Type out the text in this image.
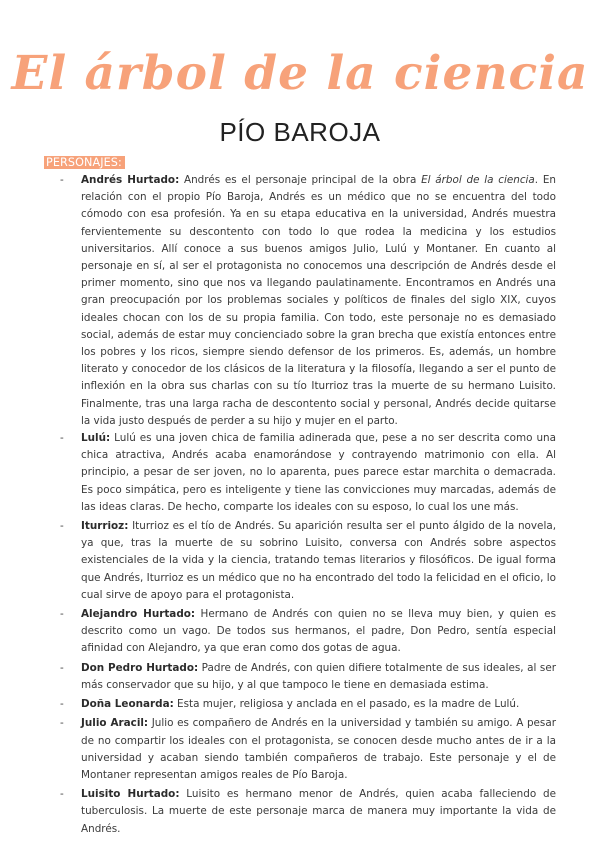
El árbol de la ciencia
PÍO BAROJA
PERSONAJES:
- Andrés Hurtado: Andrés es el personaje principal de la obra El árbol de la ciencia. En relación con el propio Pío Baroja, Andrés es un médico que no se encuentra del todo cómodo con esa profesión. Ya en su etapa educativa en la universidad, Andrés muestra fervientemente su descontento con todo lo que rodea la medicina y los estudios universitarios. Allí conoce a sus buenos amigos Julio, Lulú y Montaner. En cuanto al personaje en sí, al ser el protagonista no conocemos una descripción de Andrés desde el primer momento, sino que nos va llegando paulatinamente. Encontramos en Andrés una gran preocupación por los problemas sociales y políticos de finales del siglo XIX, cuyos ideales chocan con los de su propia familia. Con todo, este personaje no es demasiado social, además de estar muy concienciado sobre la gran brecha que existía entonces entre los pobres y los ricos, siempre siendo defensor de los primeros. Es, además, un hombre literato y conocedor de los clásicos de la literatura y la filosofía, llegando a ser el punto de inflexión en la obra sus charlas con su tío Iturrioz tras la muerte de su hermano Luisito. Finalmente, tras una larga racha de descontento social y personal, Andrés decide quitarse la vida justo después de perder a su hijo y mujer en el parto.
- Lulú: Lulú es una joven chica de familia adinerada que, pese a no ser descrita como una chica atractiva, Andrés acaba enamorándose y contrayendo matrimonio con ella. Al principio, a pesar de ser joven, no lo aparenta, pues parece estar marchita o demacrada. Es poco simpática, pero es inteligente y tiene las convicciones muy marcadas, además de las ideas claras. De hecho, comparte los ideales con su esposo, lo cual los une más.
- Iturrioz: Iturrioz es el tío de Andrés. Su aparición resulta ser el punto álgido de la novela, ya que, tras la muerte de su sobrino Luisito, conversa con Andrés sobre aspectos existenciales de la vida y la ciencia, tratando temas literarios y filosóficos. De igual forma que Andrés, Iturrioz es un médico que no ha encontrado del todo la felicidad en el oficio, lo cual sirve de apoyo para el protagonista.
- Alejandro Hurtado: Hermano de Andrés con quien no se lleva muy bien, y quien es descrito como un vago. De todos sus hermanos, el padre, Don Pedro, sentía especial afinidad con Alejandro, ya que eran como dos gotas de agua.
- Don Pedro Hurtado: Padre de Andrés, con quien difiere totalmente de sus ideales, al ser más conservador que su hijo, y al que tampoco le tiene en demasiada estima.
- Doña Leonarda: Esta mujer, religiosa y anclada en el pasado, es la madre de Lulú.
- Julio Aracil: Julio es compañero de Andrés en la universidad y también su amigo. A pesar de no compartir los ideales con el protagonista, se conocen desde mucho antes de ir a la universidad y acaban siendo también compañeros de trabajo. Este personaje y el de Montaner representan amigos reales de Pío Baroja.
- Luisito Hurtado: Luisito es hermano menor de Andrés, quien acaba falleciendo de tuberculosis. La muerte de este personaje marca de manera muy importante la vida de Andrés.
